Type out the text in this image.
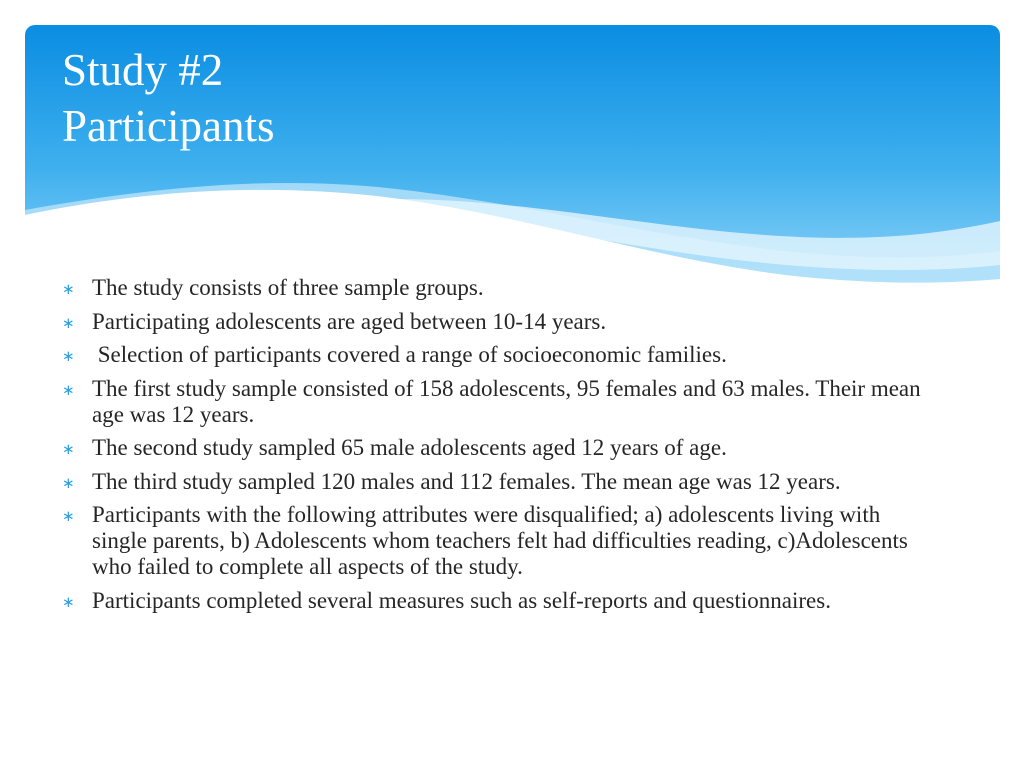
Study #2
Participants
∗ The study consists of three sample groups.
∗ Participating adolescents are aged between 10-14 years.
∗ Selection of participants covered a range of socioeconomic families.
∗ The first study sample consisted of 158 adolescents, 95 females and 63 males. Their mean age was 12 years.
∗ The second study sampled 65 male adolescents aged 12 years of age.
∗ The third study sampled 120 males and 112 females. The mean age was 12 years.
∗ Participants with the following attributes were disqualified; a) adolescents living with single parents, b) Adolescents whom teachers felt had difficulties reading, c)Adolescents who failed to complete all aspects of the study.
∗ Participants completed several measures such as self-reports and questionnaires.
